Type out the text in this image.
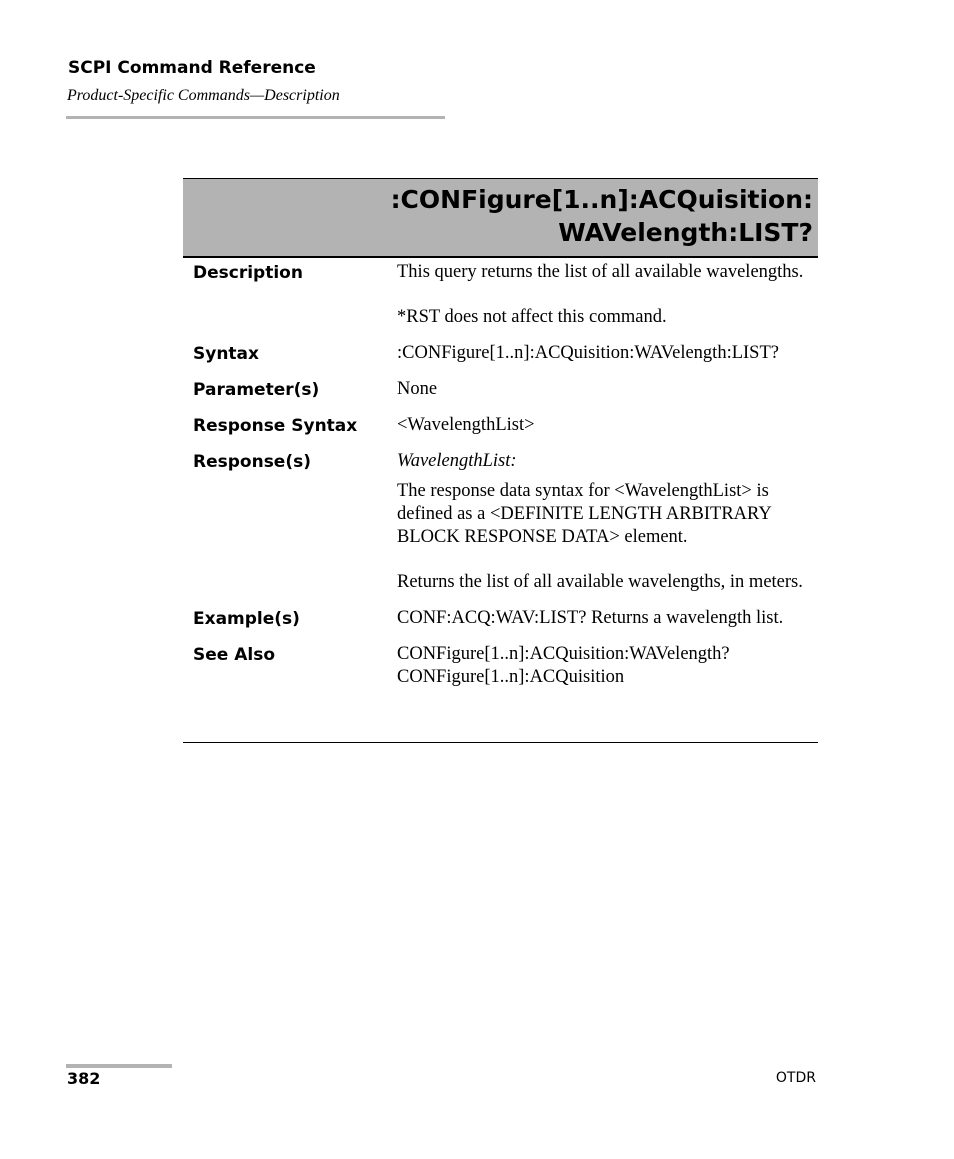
SCPI Command Reference
Product-Specific Commands—Description
:CONFigure[1..n]:ACQuisition:
WAVelength:LIST?
Description	This query returns the list of all available wavelengths.

*RST does not affect this command.

Syntax	:CONFigure[1..n]:ACQuisition:WAVelength:LIST?
Parameter(s)	None
Response Syntax	<WavelengthList>
Response(s)	WavelengthList:

The response data syntax for <WavelengthList> is defined as a <DEFINITE LENGTH ARBITRARY BLOCK RESPONSE DATA> element.

Returns the list of all available wavelengths, in meters.

Example(s)	CONF:ACQ:WAV:LIST? Returns a wavelength list.
See Also	CONFigure[1..n]:ACQuisition:WAVelength?

CONFigure[1..n]:ACQuisition

382	OTDR
